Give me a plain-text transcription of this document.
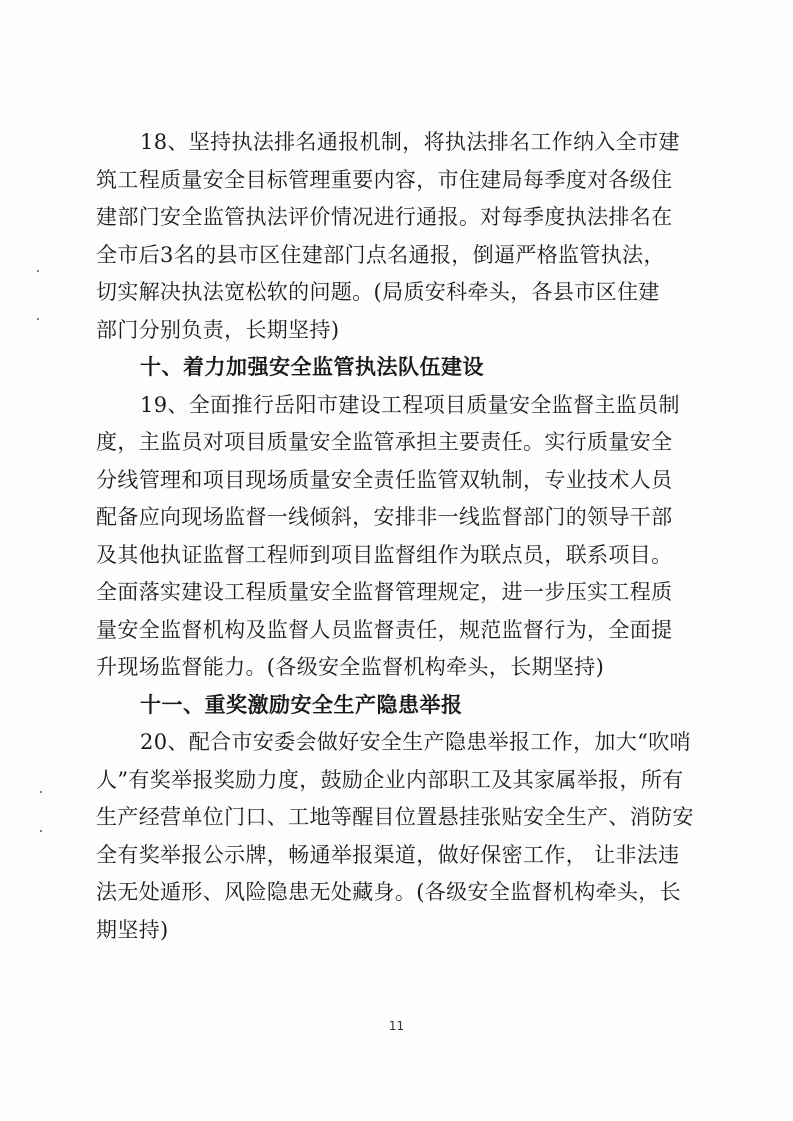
18、坚持执法排名通报机制，将执法排名工作纳入全市建
筑工程质量安全目标管理重要内容，市住建局每季度对各级住
建部门安全监管执法评价情况进行通报。对每季度执法排名在
全市后3名的县市区住建部门点名通报，倒逼严格监管执法，
切实解决执法宽松软的问题。(局质安科牵头，各县市区住建
部门分别负责，长期坚持)
十、着力加强安全监管执法队伍建设
19、全面推行岳阳市建设工程项目质量安全监督主监员制
度，主监员对项目质量安全监管承担主要责任。实行质量安全
分线管理和项目现场质量安全责任监管双轨制，专业技术人员
配备应向现场监督一线倾斜，安排非一线监督部门的领导干部
及其他执证监督工程师到项目监督组作为联点员，联系项目。
全面落实建设工程质量安全监督管理规定，进一步压实工程质
量安全监督机构及监督人员监督责任，规范监督行为，全面提
升现场监督能力。(各级安全监督机构牵头，长期坚持)
十一、重奖激励安全生产隐患举报
20、配合市安委会做好安全生产隐患举报工作，加大“吹哨
人”有奖举报奖励力度，鼓励企业内部职工及其家属举报，所有
生产经营单位门口、工地等醒目位置悬挂张贴安全生产、消防安
全有奖举报公示牌，畅通举报渠道，做好保密工作， 让非法违
法无处遁形、风险隐患无处藏身。(各级安全监督机构牵头，长
期坚持)
11
